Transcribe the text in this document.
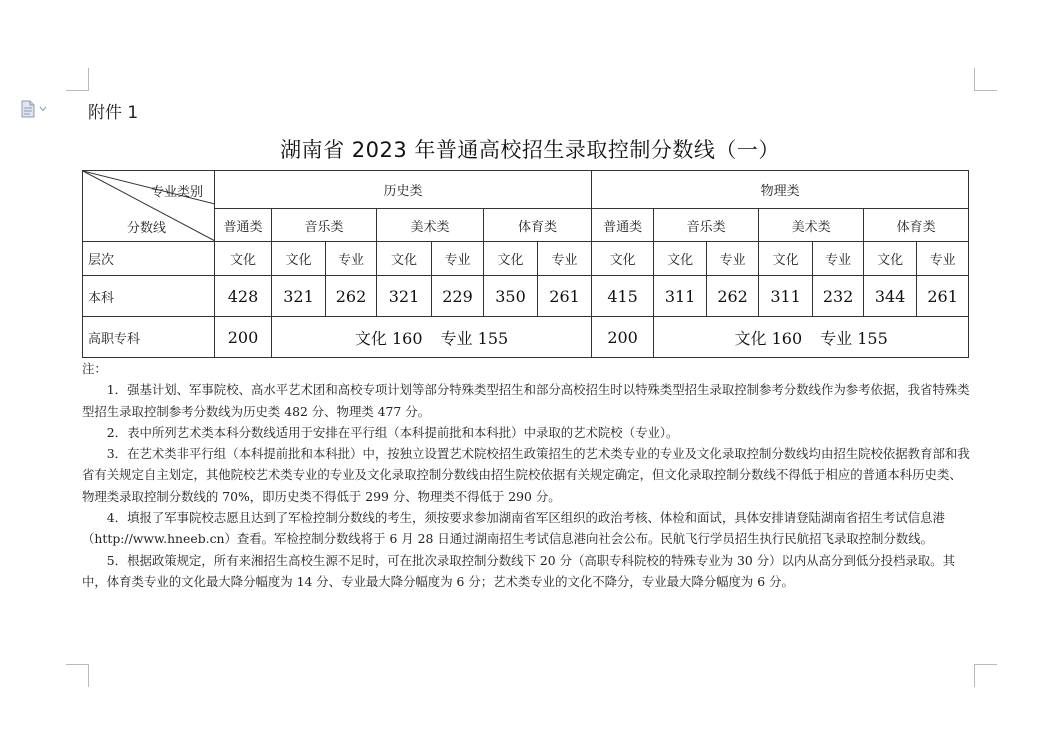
附件 1
湖南省 2023 年普通高校招生录取控制分数线（一）
专业类别
分数线	历史类							物理类						
	普通类	音乐类		美术类		体育类		普通类	音乐类		美术类		体育类	
层次	文化	文化	专业	文化	专业	文化	专业	文化	文化	专业	文化	专业	文化	专业
本科	428	321	262	321	229	350	261	415	311	262	311	232	344	261
高职专科	200	文化 160 专业 155						200	文化 160 专业 155					

注：

1．强基计划、军事院校、高水平艺术团和高校专项计划等部分特殊类型招生和部分高校招生时以特殊类型招生录取控制参考分数线作为参考依据，我省特殊类型招生录取控制参考分数线为历史类 482 分、物理类 477 分。

2．表中所列艺术类本科分数线适用于安排在平行组（本科提前批和本科批）中录取的艺术院校（专业）。

3．在艺术类非平行组（本科提前批和本科批）中，按独立设置艺术院校招生政策招生的艺术类专业的专业及文化录取控制分数线均由招生院校依据教育部和我省有关规定自主划定，其他院校艺术类专业的专业及文化录取控制分数线由招生院校依据有关规定确定，但文化录取控制分数线不得低于相应的普通本科历史类、物理类录取控制分数线的 70%，即历史类不得低于 299 分、物理类不得低于 290 分。

4．填报了军事院校志愿且达到了军检控制分数线的考生，须按要求参加湖南省军区组织的政治考核、体检和面试，具体安排请登陆湖南省招生考试信息港（http://www.hneeb.cn）查看。军检控制分数线将于 6 月 28 日通过湖南招生考试信息港向社会公布。民航飞行学员招生执行民航招飞录取控制分数线。

5．根据政策规定，所有来湘招生高校生源不足时，可在批次录取控制分数线下 20 分（高职专科院校的特殊专业为 30 分）以内从高分到低分投档录取。其中，体育类专业的文化最大降分幅度为 14 分、专业最大降分幅度为 6 分；艺术类专业的文化不降分，专业最大降分幅度为 6 分。
